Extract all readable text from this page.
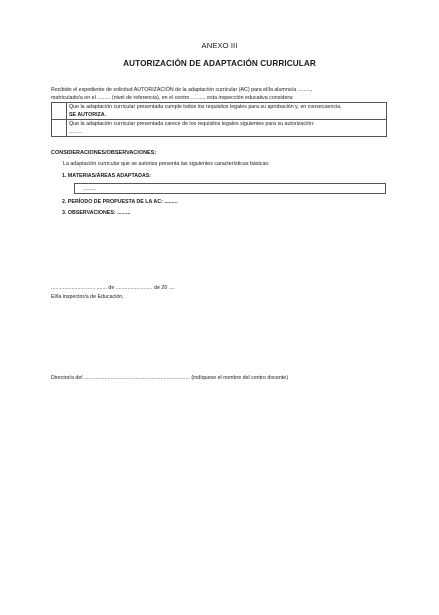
ANEXO III
AUTORIZACIÓN DE ADAPTACIÓN CURRICULAR
Recibido el expediente de solicitud AUTORIZACIÓN de la adaptación curricular (AC) para el/la alumno/a .........,
matriculado/a en el ......... (nivel de referencia), en el centro ........., esta inspección educativa considera:

	Que la adaptación curricular presentada cumple todos los requisitos legales para su aprobación y, en consecuencia,
SE AUTORIZA.

	Que la adaptación curricular presentada carece de los requisitos legales siguientes para su autorización:
.........
CONSIDERACIONES/OBSERVACIONES:
La adaptación curricular que se autoriza presenta las siguientes características básicas:
1. MATERIAS/ÁREAS ADAPTADAS:
.........
2. PERÍODO DE PROPUESTA DE LA AC: .........
3. OBSERVACIONES: .........
............................., ....... de ......................... de 20 ....
El/la inspector/a de Educación,
Director/a del ........................................................................ (indíquese el nombre del centro docente)
